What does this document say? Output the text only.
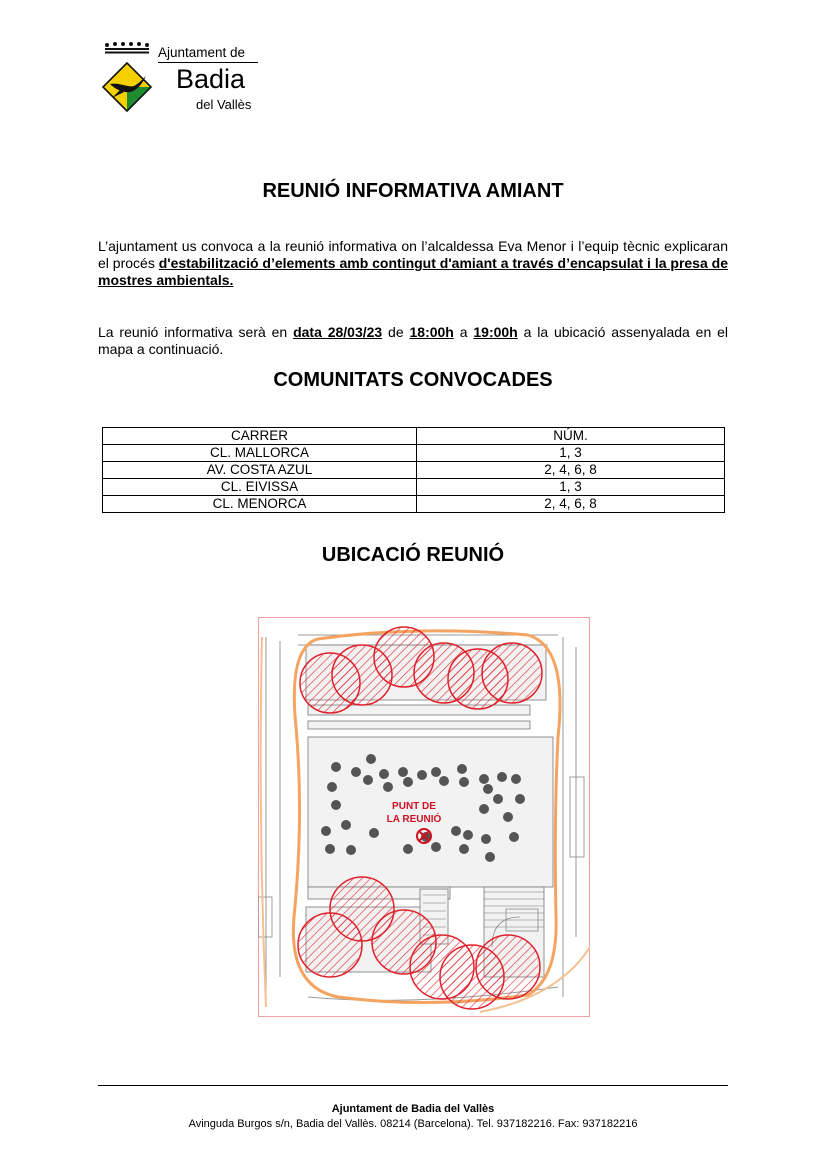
Ajuntament de
Badia
del Vallès
REUNIÓ INFORMATIVA AMIANT
L’ajuntament us convoca a la reunió informativa on l’alcaldessa Eva Menor i l’equip tècnic explicaran el procés d'estabilització d’elements amb contingut d'amiant a través d’encapsulat i la presa de mostres ambientals.
La reunió informativa serà en data 28/03/23 de 18:00h a 19:00h a la ubicació assenyalada en el mapa a continuació.
COMUNITATS CONVOCADES
CARRER	NÚM.
CL. MALLORCA	1, 3
AV. COSTA AZUL	2, 4, 6, 8
CL. EIVISSA	1, 3
CL. MENORCA	2, 4, 6, 8
UBICACIÓ REUNIÓ
PUNT DE
LA REUNIÓ
Ajuntament de Badia del Vallès
Avinguda Burgos s/n, Badia del Vallès. 08214 (Barcelona). Tel. 937182216. Fax: 937182216
